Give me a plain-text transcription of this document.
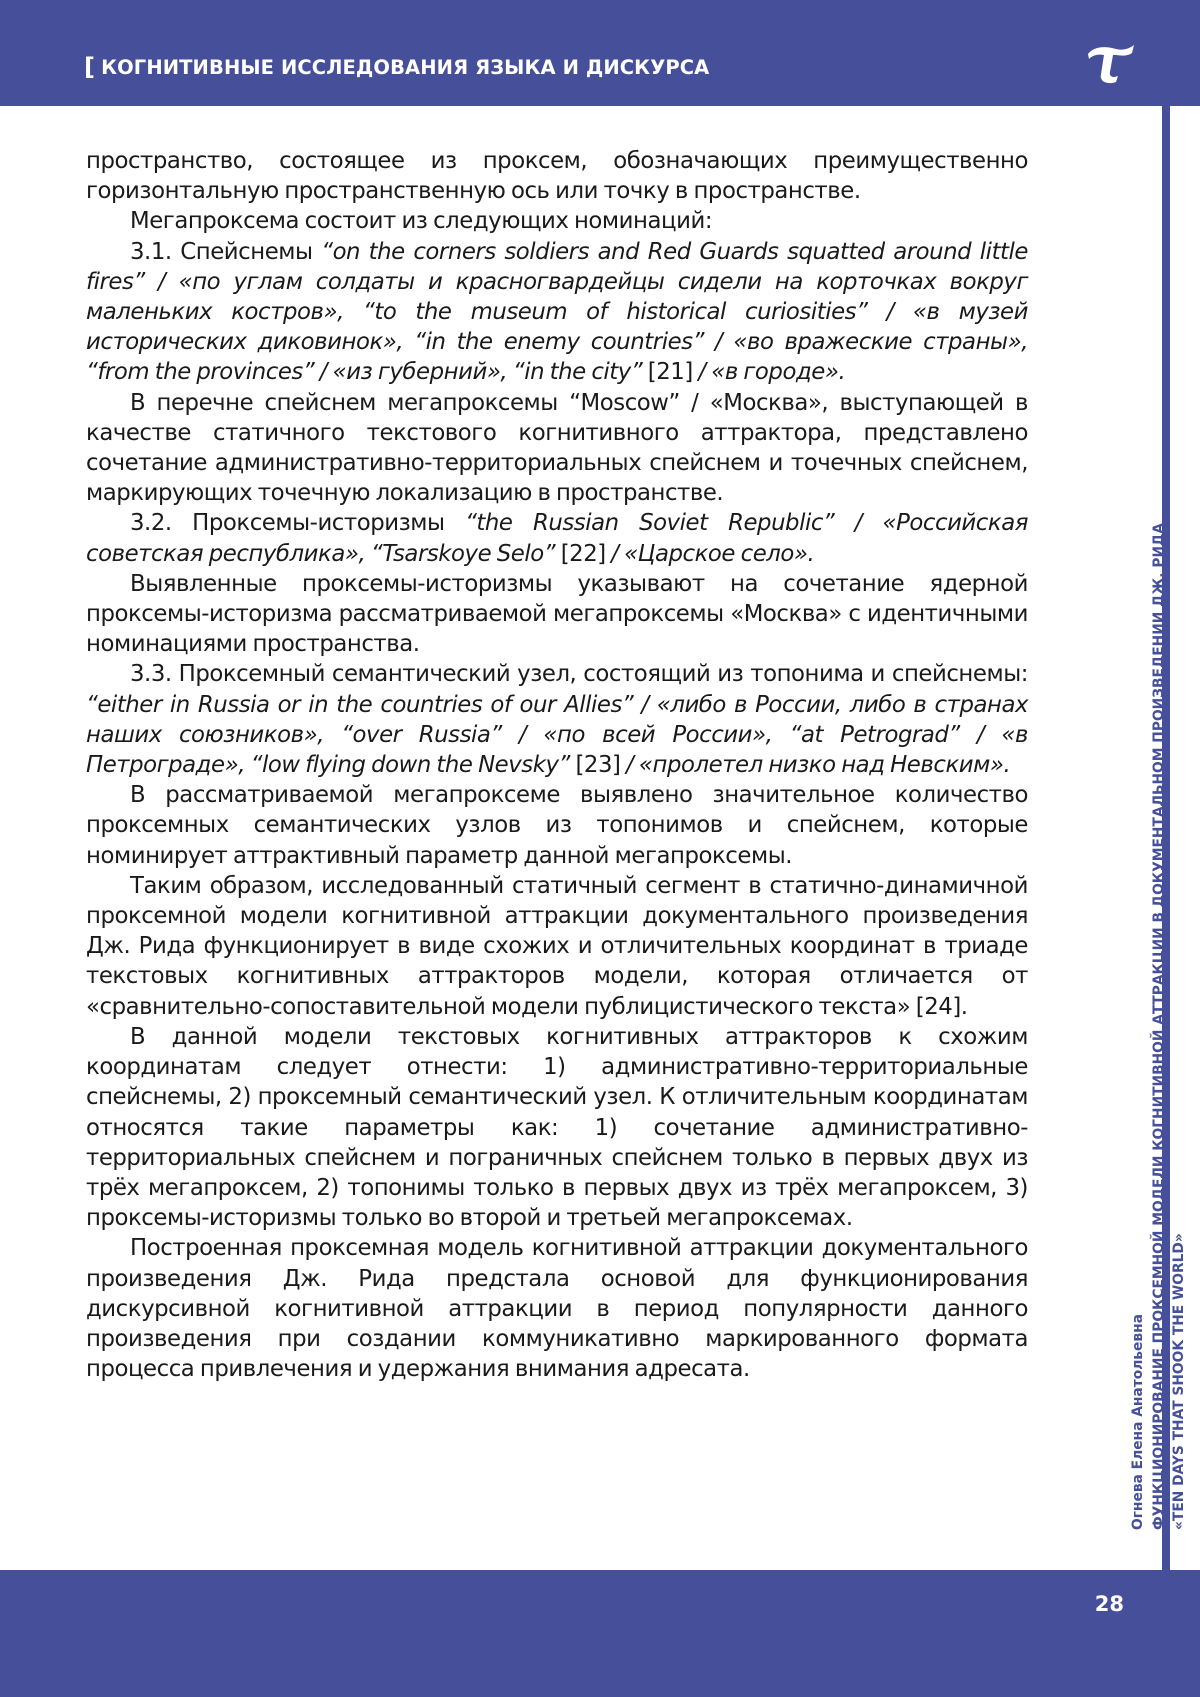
[ КОГНИТИВНЫЕ ИССЛЕДОВАНИЯ ЯЗЫКА И ДИСКУРСА
Огнева Елена Анатольевна ФУНКЦИОНИРОВАНИЕ ПРОКСЕМНОЙ МОДЕЛИ КОГНИТИВНОЙ АТТРАКЦИИ В ДОКУМЕНТАЛЬНОМ ПРОИЗВЕДЕНИИ ДЖ. РИДА «TEN DAYS THAT SHOOK THE WORLD»

пространство, состоящее из проксем, обозначающих преимущественно горизонтальную пространственную ось или точку в пространстве.

Мегапроксема состоит из следующих номинаций:

3.1. Спейснемы “on the corners soldiers and Red Guards squatted around little fires” / «по углам солдаты и красногвардейцы сидели на корточках вокруг маленьких костров», “to the museum of historical curiosities” / «в музей исторических диковинок», “in the enemy countries” / «во вражеские страны», “from the provinces” / «из губерний», “in the city” [21] / «в городе».

В перечне спейснем мегапроксемы “Moscow” / «Москва», выступающей в качестве статичного текстового когнитивного аттрактора, представлено сочетание административно-территориальных спейснем и точечных спейснем, маркирующих точечную локализацию в пространстве.

3.2. Проксемы-историзмы “the Russian Soviet Republic” / «Российская советская республика», “Tsarskoye Selo” [22] / «Царское село».

Выявленные проксемы-историзмы указывают на сочетание ядерной проксемы-историзма рассматриваемой мегапроксемы «Москва» с идентичными номинациями пространства.

3.3. Проксемный семантический узел, состоящий из топонима и спейснемы: “either in Russia or in the countries of our Allies” / «либо в России, либо в странах наших союзников», “over Russia” / «по всей России», “at Petrograd” / «в Петрограде», “low flying down the Nevsky” [23] / «пролетел низко над Невским».

В рассматриваемой мегапроксеме выявлено значительное количество проксемных семантических узлов из топонимов и спейснем, которые номинирует аттрактивный параметр данной мегапроксемы.

Таким образом, исследованный статичный сегмент в статично-динамичной проксемной модели когнитивной аттракции документального произведения Дж. Рида функционирует в виде схожих и отличительных координат в триаде текстовых когнитивных аттракторов модели, которая отличается от «сравнительно-сопоставительной модели публицистического текста» [24].

В данной модели текстовых когнитивных аттракторов к схожим координатам следует отнести: 1) административно-территориальные спейснемы, 2) проксемный семантический узел. К отличительным координатам относятся такие параметры как: 1) сочетание административно-территориальных спейснем и пограничных спейснем только в первых двух из трёх мегапроксем, 2) топонимы только в первых двух из трёх мегапроксем, 3) проксемы-историзмы только во второй и третьей мегапроксемах.

Построенная проксемная модель когнитивной аттракции документального произведения Дж. Рида предстала основой для функционирования дискурсивной когнитивной аттракции в период популярности данного произведения при создании коммуникативно маркированного формата процесса привлечения и удержания внимания адресата.

28
